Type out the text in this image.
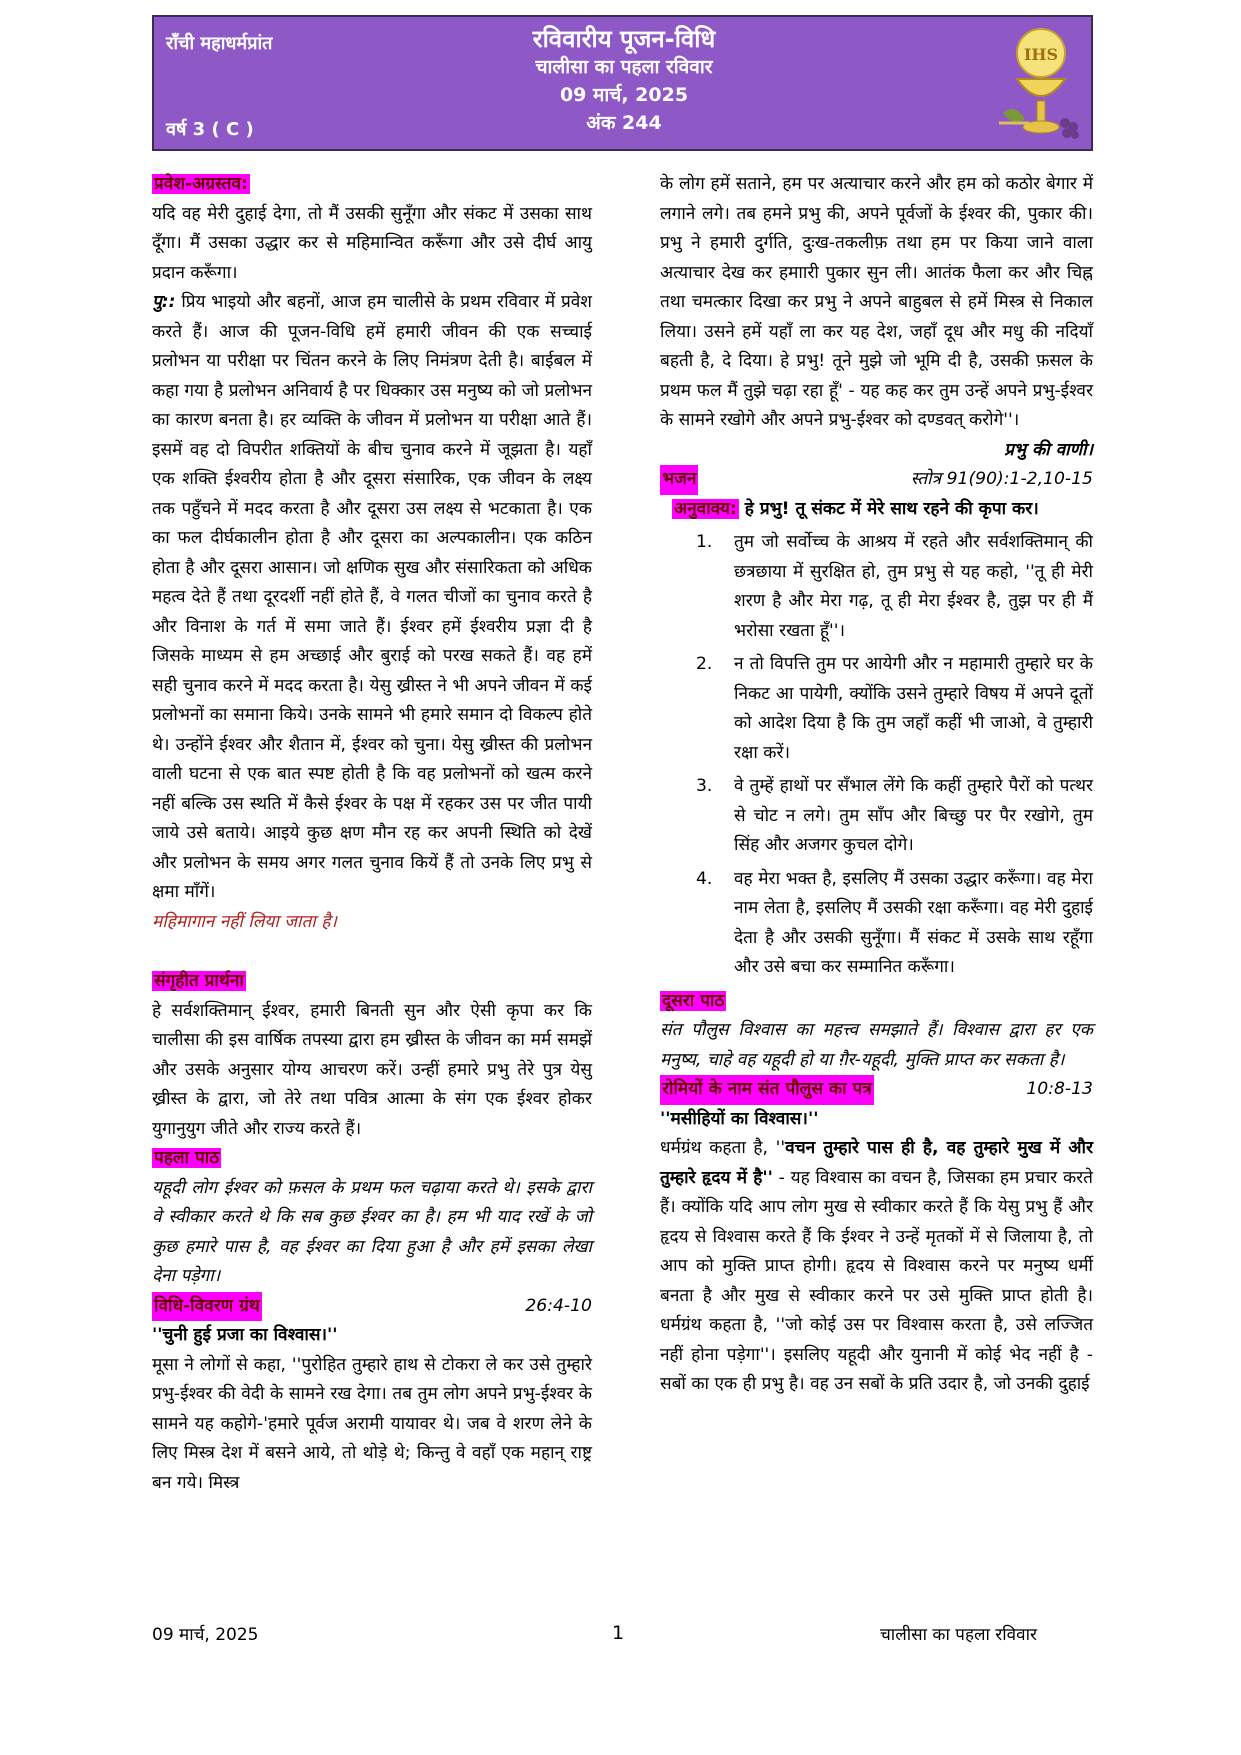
राँची महाधर्मप्रांत
वर्ष 3 ( C )
रविवारीय पूजन-विधि
चालीसा का पहला रविवार
09 मार्च, 2025
अंक 244
IHS

प्रवेश-अग्रस्तव:

यदि वह मेरी दुहाई देगा, तो मैं उसकी सुनूँगा और संकट में उसका साथ दूँगा। मैं उसका उद्धार कर से महिमान्वित करूँगा और उसे दीर्घ आयु प्रदान करूँगा।

पु:: प्रिय भाइयो और बहनों, आज हम चालीसे के प्रथम रविवार में प्रवेश करते हैं। आज की पूजन-विधि हमें हमारी जीवन की एक सच्चाई प्रलोभन या परीक्षा पर चिंतन करने के लिए निमंत्रण देती है। बाईबल में कहा गया है प्रलोभन अनिवार्य है पर धिक्कार उस मनुष्य को जो प्रलोभन का कारण बनता है। हर व्यक्ति के जीवन में प्रलोभन या परीक्षा आते हैं। इसमें वह दो विपरीत शक्तियों के बीच चुनाव करने में जूझता है। यहाँ एक शक्ति ईश्वरीय होता है और दूसरा संसारिक, एक जीवन के लक्ष्य तक पहुँचने में मदद करता है और दूसरा उस लक्ष्य से भटकाता है। एक का फल दीर्घकालीन होता है और दूसरा का अल्पकालीन। एक कठिन होता है और दूसरा आसान। जो क्षणिक सुख और संसारिकता को अधिक महत्व देते हैं तथा दूरदर्शी नहीं होते हैं, वे गलत चीजों का चुनाव करते है और विनाश के गर्त में समा जाते हैं। ईश्वर हमें ईश्वरीय प्रज्ञा दी है जिसके माध्यम से हम अच्छाई और बुराई को परख सकते हैं। वह हमें सही चुनाव करने में मदद करता है। येसु ख्रीस्त ने भी अपने जीवन में कई प्रलोभनों का समाना किये। उनके सामने भी हमारे समान दो विकल्प होते थे। उन्होंने ईश्वर और शैतान में, ईश्वर को चुना। येसु ख्रीस्त की प्रलोभन वाली घटना से एक बात स्पष्ट होती है कि वह प्रलोभनों को खत्म करने नहीं बल्कि उस स्थति में कैसे ईश्वर के पक्ष में रहकर उस पर जीत पायी जाये उसे बताये। आइये कुछ क्षण मौन रह कर अपनी स्थिति को देखें और प्रलोभन के समय अगर गलत चुनाव कियें हैं तो उनके लिए प्रभु से क्षमा माँगें।

महिमागान नहीं लिया जाता है।

संगृहीत प्रार्थना

हे सर्वशक्तिमान् ईश्वर, हमारी बिनती सुन और ऐसी कृपा कर कि चालीसा की इस वार्षिक तपस्या द्वारा हम ख्रीस्त के जीवन का मर्म समझें और उसके अनुसार योग्य आचरण करें। उन्हीं हमारे प्रभु तेरे पुत्र येसु ख्रीस्त के द्वारा, जो तेरे तथा पवित्र आत्मा के संग एक ईश्वर होकर युगानुयुग जीते और राज्य करते हैं।

पहला पाठ

यहूदी लोग ईश्वर को फ़सल के प्रथम फल चढ़ाया करते थे। इसके द्वारा वे स्वीकार करते थे कि सब कुछ ईश्वर का है। हम भी याद रखें के जो कुछ हमारे पास है, वह ईश्वर का दिया हुआ है और हमें इसका लेखा देना पड़ेगा।

विधि-विवरण ग्रंथ	26:4-10

''चुनी हुई प्रजा का विश्वास।''

मूसा ने लोगों से कहा, ''पुरोहित तुम्हारे हाथ से टोकरा ले कर उसे तुम्हारे प्रभु-ईश्वर की वेदी के सामने रख देगा। तब तुम लोग अपने प्रभु-ईश्वर के सामने यह कहोगे-'हमारे पूर्वज अरामी यायावर थे। जब वे शरण लेने के लिए मिस्त्र देश में बसने आये, तो थोड़े थे; किन्तु वे वहाँ एक महान् राष्ट्र बन गये। मिस्त्र

के लोग हमें सताने, हम पर अत्याचार करने और हम को कठोर बेगार में लगाने लगे। तब हमने प्रभु की, अपने पूर्वजों के ईश्वर की, पुकार की। प्रभु ने हमारी दुर्गति, दुःख-तकलीफ़ तथा हम पर किया जाने वाला अत्याचार देख कर हमाारी पुकार सुन ली। आतंक फैला कर और चिह्न तथा चमत्कार दिखा कर प्रभु ने अपने बाहुबल से हमें मिस्त्र से निकाल लिया। उसने हमें यहाँ ला कर यह देश, जहाँ दूध और मधु की नदियाँ बहती है, दे दिया। हे प्रभु! तूने मुझे जो भूमि दी है, उसकी फ़सल के प्रथम फल मैं तुझे चढ़ा रहा हूँ' - यह कह कर तुम उन्हें अपने प्रभु-ईश्वर के सामने रखोगे और अपने प्रभु-ईश्वर को दण्डवत् करोगे''।

प्रभु की वाणी।

भजन	स्तोत्र 91(90):1-2,10-15

अनुवाक्य: हे प्रभु! तू संकट में मेरे साथ रहने की कृपा कर।

1.	तुम जो सर्वोच्च के आश्रय में रहते और सर्वशक्तिमान् की छत्रछाया में सुरक्षित हो, तुम प्रभु से यह कहो, ''तू ही मेरी शरण है और मेरा गढ़, तू ही मेरा ईश्वर है, तुझ पर ही मैं भरोसा रखता हूँ''।
2.	न तो विपत्ति तुम पर आयेगी और न महामारी तुम्हारे घर के निकट आ पायेगी, क्योंकि उसने तुम्हारे विषय में अपने दूतों को आदेश दिया है कि तुम जहाँ कहीं भी जाओ, वे तुम्हारी रक्षा करें।
3.	वे तुम्हें हाथों पर सँभाल लेंगे कि कहीं तुम्हारे पैरों को पत्थर से चोट न लगे। तुम साँप और बिच्छु पर पैर रखोगे, तुम सिंह और अजगर कुचल दोगे।
4.	वह मेरा भक्त है, इसलिए मैं उसका उद्धार करूँगा। वह मेरा नाम लेता है, इसलिए मैं उसकी रक्षा करूँगा। वह मेरी दुहाई देता है और उसकी सुनूँगा। मैं संकट में उसके साथ रहूँगा और उसे बचा कर सम्मानित करूँगा।

दूसरा पाठ

संत पौलुस विश्वास का महत्त्व समझाते हैं। विश्वास द्वारा हर एक मनुष्य, चाहे वह यहूदी हो या ग़ैर-यहूदी, मुक्ति प्राप्त कर सकता है।

रोमियों के नाम संत पौलुस का पत्र	10:8-13

''मसीहियों का विश्वास।''

धर्मग्रंथ कहता है, ''वचन तुम्हारे पास ही है, वह तुम्हारे मुख में और तुम्हारे हृदय में है'' - यह विश्वास का वचन है, जिसका हम प्रचार करते हैं। क्योंकि यदि आप लोग मुख से स्वीकार करते हैं कि येसु प्रभु हैं और हृदय से विश्वास करते हैं कि ईश्वर ने उन्हें मृतकों में से जिलाया है, तो आप को मुक्ति प्राप्त होगी। हृदय से विश्वास करने पर मनुष्य धर्मी बनता है और मुख से स्वीकार करने पर उसे मुक्ति प्राप्त होती है। धर्मग्रंथ कहता है, ''जो कोई उस पर विश्वास करता है, उसे लज्जित नहीं होना पड़ेगा''। इसलिए यहूदी और युनानी में कोई भेद नहीं है - सबों का एक ही प्रभु है। वह उन सबों के प्रति उदार है, जो उनकी दुहाई

09 मार्च, 2025	1	चालीसा का पहला रविवार
